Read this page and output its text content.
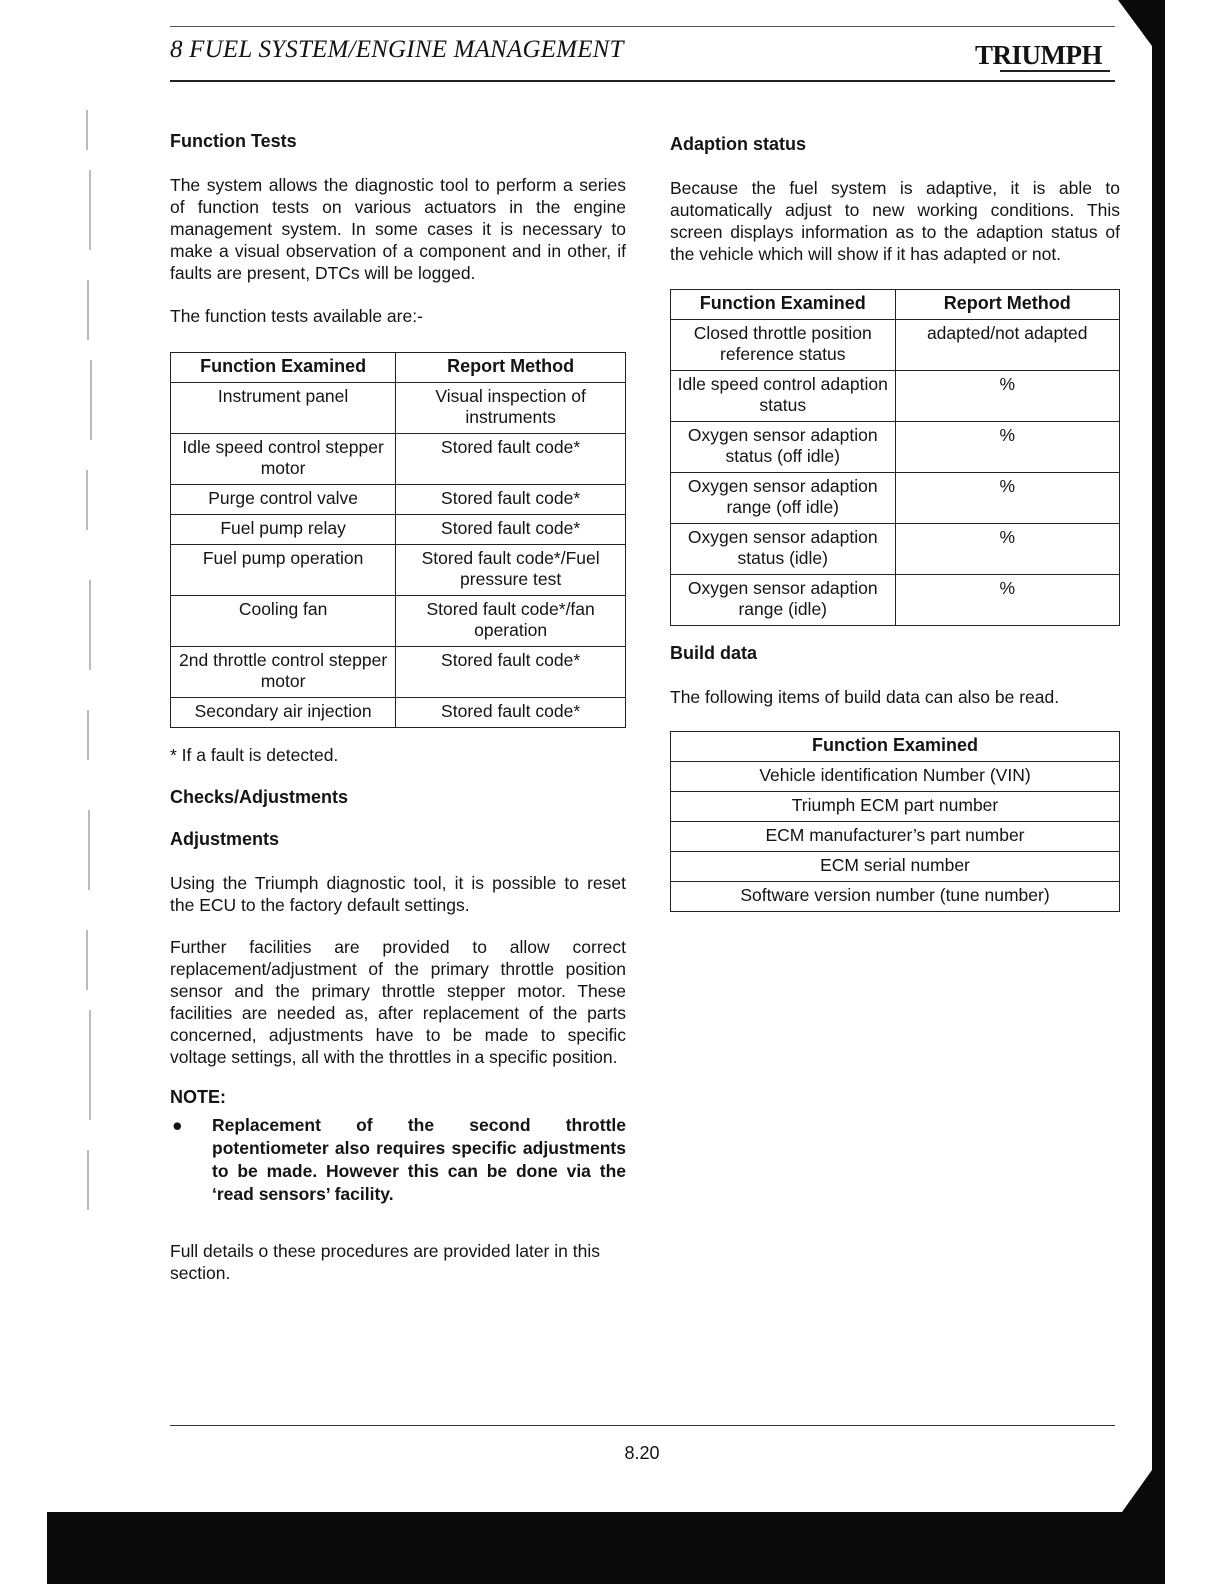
8 FUEL SYSTEM/ENGINE MANAGEMENT	TRIUMPH
Function Tests

The system allows the diagnostic tool to perform a series of function tests on various actuators in the engine management system. In some cases it is necessary to make a visual observation of a component and in other, if faults are present, DTCs will be logged.

The function tests available are:-

Function Examined	Report Method
Instrument panel	Visual inspection of instruments
Idle speed control stepper motor	Stored fault code*
Purge control valve	Stored fault code*
Fuel pump relay	Stored fault code*
Fuel pump operation	Stored fault code*/Fuel pressure test
Cooling fan	Stored fault code*/fan operation
2nd throttle control stepper motor	Stored fault code*
Secondary air injection	Stored fault code*

* If a fault is detected.

Checks/Adjustments
Adjustments

Using the Triumph diagnostic tool, it is possible to reset the ECU to the factory default settings.

Further facilities are provided to allow correct replacement/adjustment of the primary throttle position sensor and the primary throttle stepper motor. These facilities are needed as, after replacement of the parts concerned, adjustments have to be made to specific voltage settings, all with the throttles in a specific position.

NOTE:
●	Replacement of the second throttle potentiometer also requires specific adjustments to be made. However this can be done via the ‘read sensors’ facility.

Full details o these procedures are provided later in this section.

Adaption status

Because the fuel system is adaptive, it is able to automatically adjust to new working conditions. This screen displays information as to the adaption status of the vehicle which will show if it has adapted or not.

Function Examined	Report Method
Closed throttle position reference status	adapted/not adapted
Idle speed control adaption status	%
Oxygen sensor adaption status (off idle)	%
Oxygen sensor adaption range (off idle)	%
Oxygen sensor adaption status (idle)	%
Oxygen sensor adaption range (idle)	%
Build data

The following items of build data can also be read.

Function Examined
Vehicle identification Number (VIN)
Triumph ECM part number
ECM manufacturer’s part number
ECM serial number
Software version number (tune number)
8.20
